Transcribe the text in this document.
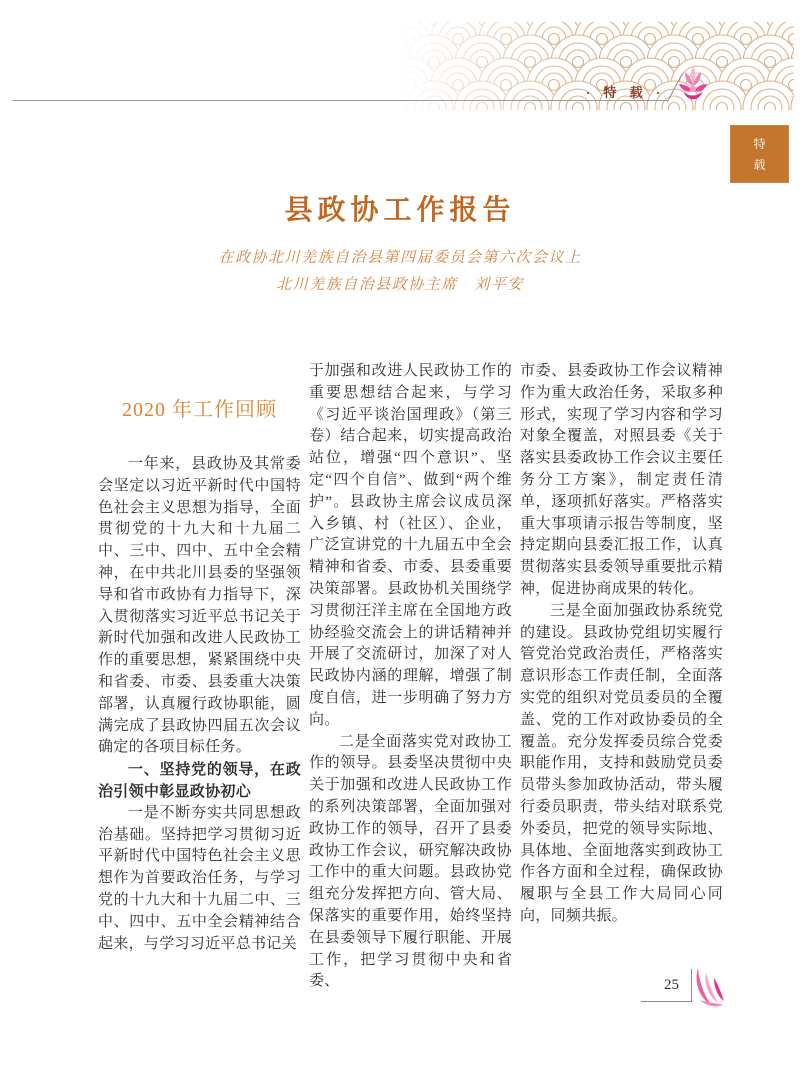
· 特 载 ·
特
载
县政协工作报告
在政协北川羌族自治县第四届委员会第六次会议上
北川羌族自治县政协主席　刘平安
2020 年工作回顾

一年来，县政协及其常委会坚定以习近平新时代中国特色社会主义思想为指导，全面贯彻党的十九大和十九届二中、三中、四中、五中全会精神，在中共北川县委的坚强领导和省市政协有力指导下，深入贯彻落实习近平总书记关于新时代加强和改进人民政协工作的重要思想，紧紧围绕中央和省委、市委、县委重大决策部署，认真履行政协职能，圆满完成了县政协四届五次会议确定的各项目标任务。

一、坚持党的领导，在政治引领中彰显政协初心

一是不断夯实共同思想政治基础。坚持把学习贯彻习近平新时代中国特色社会主义思想作为首要政治任务，与学习党的十九大和十九届二中、三中、四中、五中全会精神结合起来，与学习习近平总书记关

于加强和改进人民政协工作的重要思想结合起来，与学习《习近平谈治国理政》（第三卷）结合起来，切实提高政治站位，增强“四个意识”、坚定“四个自信”、做到“两个维护”。县政协主席会议成员深入乡镇、村（社区）、企业，广泛宣讲党的十九届五中全会精神和省委、市委、县委重要决策部署。县政协机关围绕学习贯彻汪洋主席在全国地方政协经验交流会上的讲话精神并开展了交流研讨，加深了对人民政协内涵的理解，增强了制度自信，进一步明确了努力方向。

二是全面落实党对政协工作的领导。县委坚决贯彻中央关于加强和改进人民政协工作的系列决策部署，全面加强对政协工作的领导，召开了县委政协工作会议，研究解决政协工作中的重大问题。县政协党组充分发挥把方向、管大局、保落实的重要作用，始终坚持在县委领导下履行职能、开展工作，把学习贯彻中央和省委、

市委、县委政协工作会议精神作为重大政治任务，采取多种形式，实现了学习内容和学习对象全覆盖，对照县委《关于落实县委政协工作会议主要任务分工方案》，制定责任清单，逐项抓好落实。严格落实重大事项请示报告等制度，坚持定期向县委汇报工作，认真贯彻落实县委领导重要批示精神，促进协商成果的转化。

三是全面加强政协系统党的建设。县政协党组切实履行管党治党政治责任，严格落实意识形态工作责任制，全面落实党的组织对党员委员的全覆盖、党的工作对政协委员的全覆盖。充分发挥委员综合党委职能作用，支持和鼓励党员委员带头参加政协活动，带头履行委员职责，带头结对联系党外委员，把党的领导实际地、具体地、全面地落实到政协工作各方面和全过程，确保政协履职与全县工作大局同心同向，同频共振。

25
